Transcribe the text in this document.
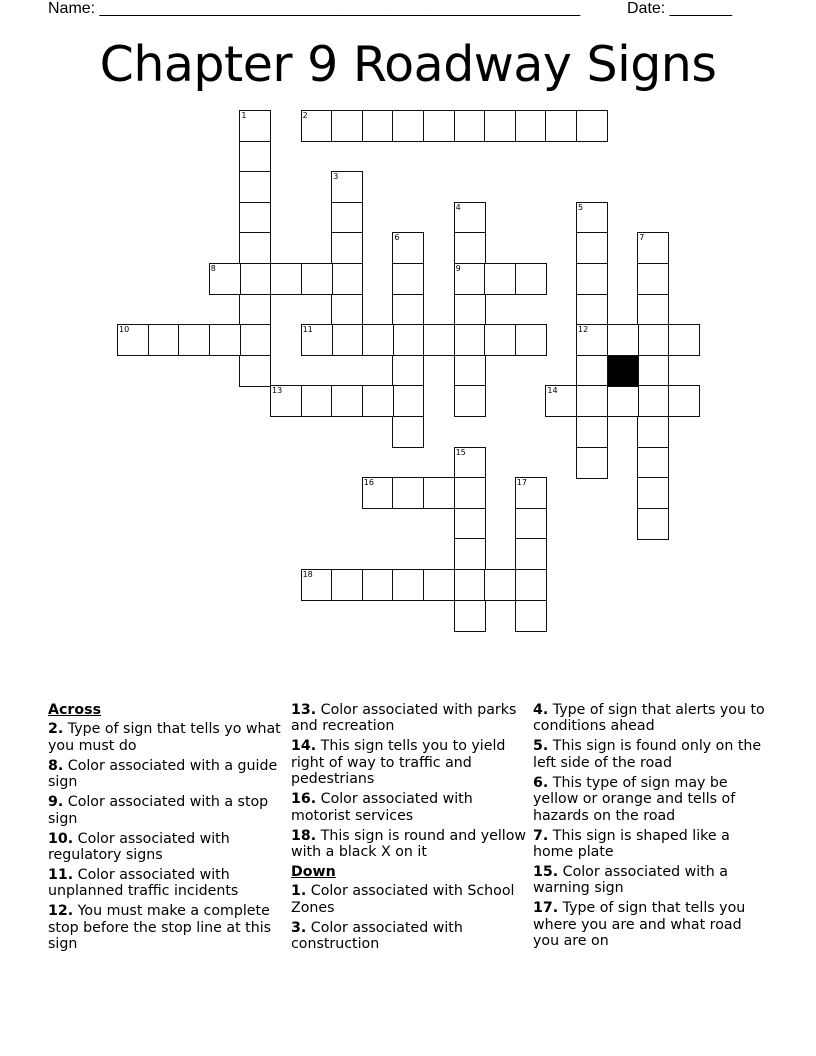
Name: ______________________________________________________	Date: _______
Chapter 9 Roadway Signs
1	2
3
4
9
5
12
6	7
8
10	11
13	14
15
16	17
18
Across
2. Type of sign that tells yo what you must do
8. Color associated with a guide sign
9. Color associated with a stop sign
10. Color associated with regulatory signs
11. Color associated with unplanned traffic incidents
12. You must make a complete stop before the stop line at this sign
13. Color associated with parks and recreation
14. This sign tells you to yield right of way to traffic and pedestrians
16. Color associated with motorist services
18. This sign is round and yellow with a black X on it
Down
1. Color associated with School Zones
3. Color associated with construction
4. Type of sign that alerts you to conditions ahead
5. This sign is found only on the left side of the road
6. This type of sign may be yellow or orange and tells of hazards on the road
7. This sign is shaped like a home plate
15. Color associated with a warning sign
17. Type of sign that tells you where you are and what road you are on
